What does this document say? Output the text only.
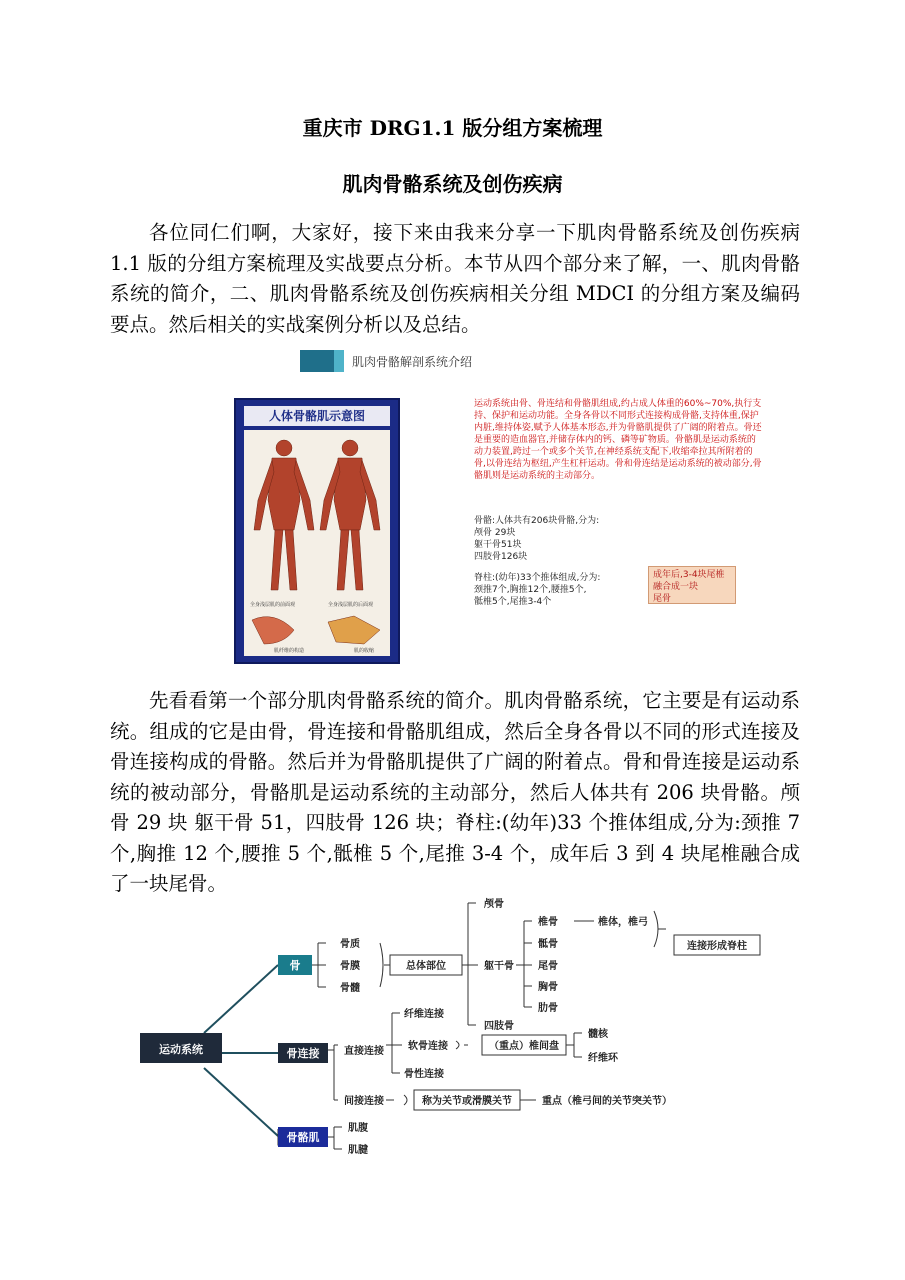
重庆市 DRG1.1 版分组方案梳理
肌肉骨骼系统及创伤疾病

各位同仁们啊，大家好，接下来由我来分享一下肌肉骨骼系统及创伤疾病 1.1 版的分组方案梳理及实战要点分析。本节从四个部分来了解，一、肌肉骨骼系统的简介，二、肌肉骨骼系统及创伤疾病相关分组 MDCI 的分组方案及编码要点。然后相关的实战案例分析以及总结。

肌肉骨骼解剖系统介绍
人体骨骼肌示意图
全身浅层肌的前面观	全身浅层肌的后面观
肌纤维的构造	肌的收缩
运动系统由骨、骨连结和骨骼肌组成,约占成人体重的60%~70%,执行支持、保护和运动功能。全身各骨以不同形式连接构成骨骼,支持体重,保护内脏,维持体姿,赋予人体基本形态,并为骨骼肌提供了广阔的附着点。骨还是重要的造血器官,并储存体内的钙、磷等矿物质。骨骼肌是运动系统的动力装置,跨过一个或多个关节,在神经系统支配下,收缩牵拉其所附着的骨,以骨连结为枢纽,产生杠杆运动。骨和骨连结是运动系统的被动部分,骨骼肌则是运动系统的主动部分。
骨骼:人体共有206块骨骼,分为:
颅骨 29块
躯干骨51块
四肢骨126块
脊柱:(幼年)33个推体组成,分为:
颈推7个,胸推12个,腰推5个,
骶椎5个,尾推3-4个
成年后,3-4块尾椎
融合成一块
尾骨

先看看第一个部分肌肉骨骼系统的简介。肌肉骨骼系统，它主要是有运动系统。组成的它是由骨，骨连接和骨骼肌组成，然后全身各骨以不同的形式连接及骨连接构成的骨骼。然后并为骨骼肌提供了广阔的附着点。骨和骨连接是运动系统的被动部分，骨骼肌是运动系统的主动部分，然后人体共有 206 块骨骼。颅骨 29 块 躯干骨 51，四肢骨 126 块；脊柱:(幼年)33 个推体组成,分为:颈推 7 个,胸推 12 个,腰推 5 个,骶椎 5 个,尾推 3-4 个，成年后 3 到 4 块尾椎融合成了一块尾骨。

运动系统
骨
骨连接
骨骼肌
骨质
骨膜
骨髓
总体部位
颅骨
躯干骨
四肢骨
椎骨
骶骨
尾骨
胸骨
肋骨
椎体，椎弓
连接形成脊柱
直接连接
纤维连接
软骨连接
骨性连接
（重点）椎间盘
髓核
纤维环
间接连接	称为关节或滑膜关节	重点（椎弓间的关节突关节）
肌腹
肌腱
